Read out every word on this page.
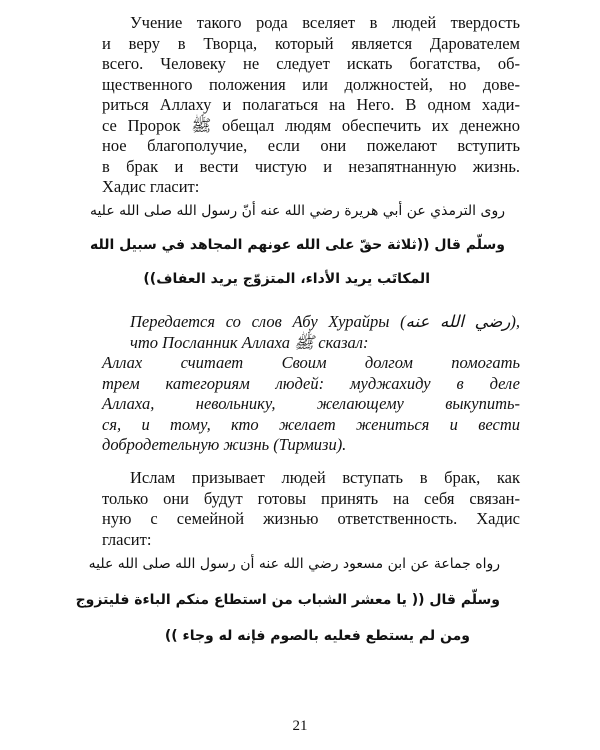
Учение такого рода вселяет в людей твердость
и веру в Творца, который является Дарователем
всего. Человеку не следует искать богатства, об-
щественного положения или должностей, но дове-
риться Аллаху и полагаться на Него. В одном хади-
се Пророк ﷺ обещал людям обеспечить их денежно
ное благополучие, если они пожелают вступить
в брак и вести чистую и незапятнанную жизнь.
Хадис гласит:
روى الترمذي عن أبي هريرة رضي الله عنه أنّ رسول الله صلى الله عليه
وسلّم قال ((ثلاثة حقّ على الله عونهم المجاهد في سبيل الله
المكاتَب يريد الأداء، المتزوّج يريد العفاف))
Передается со слов Абу Хурайры (رضي الله عنه),
что Посланник Аллаха ﷺ сказал:
Аллах считает Своим долгом помогать
трем категориям людей: муджахиду в деле
Аллаха, невольнику, желающему выкупить-
ся, и тому, кто желает жениться и вести
добродетельную жизнь (Тирмизи).
Ислам призывает людей вступать в брак, как
только они будут готовы принять на себя связан-
ную с семейной жизнью ответственность. Хадис
гласит:
رواه جماعة عن ابن مسعود رضي الله عنه أن رسول الله صلى الله عليه
وسلّم قال (( يا معشر الشباب من استطاع منكم الباءة فليتزوج
ومن لم يستطع فعليه بالصوم فإنه له وجاء ))
21
